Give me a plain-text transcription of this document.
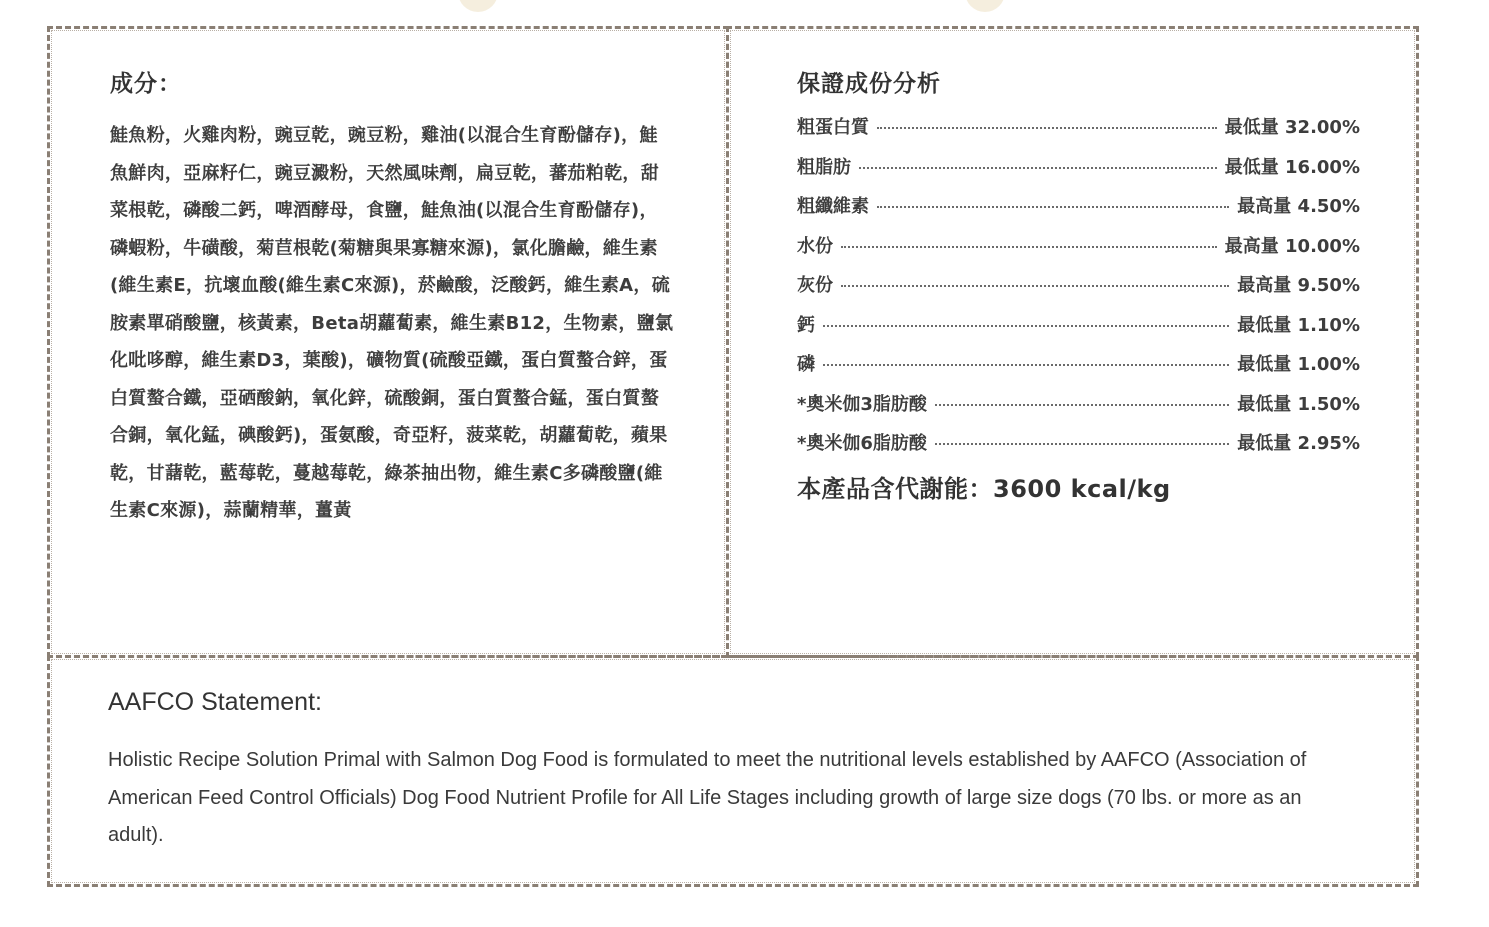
成分：
鮭魚粉，火雞肉粉，豌豆乾，豌豆粉，雞油(以混合生育酚儲存)，鮭魚鮮肉，亞麻籽仁，豌豆澱粉，天然風味劑，扁豆乾，蕃茄粕乾，甜菜根乾，磷酸二鈣，啤酒酵母，食鹽，鮭魚油(以混合生育酚儲存)，磷蝦粉，牛磺酸，菊苣根乾(菊糖與果寡糖來源)，氯化膽鹼，維生素(維生素E，抗壞血酸(維生素C來源)，菸鹼酸，泛酸鈣，維生素A，硫胺素單硝酸鹽，核黃素，Beta胡蘿蔔素，維生素B12，生物素，鹽氯化吡哆醇，維生素D3，葉酸)，礦物質(硫酸亞鐵，蛋白質螯合鋅，蛋白質螯合鐵，亞硒酸鈉，氧化鋅，硫酸銅，蛋白質螯合錳，蛋白質螯合銅，氧化錳，碘酸鈣)，蛋氨酸，奇亞籽，菠菜乾，胡蘿蔔乾，蘋果乾，甘藷乾，藍莓乾，蔓越莓乾，綠茶抽出物，維生素C多磷酸鹽(維生素C來源)，蒜蘭精華，薑黃
保證成份分析
粗蛋白質	最低量 32.00%
粗脂肪	最低量 16.00%
粗纖維素	最高量 4.50%
水份	最高量 10.00%
灰份	最高量 9.50%
鈣	最低量 1.10%
磷	最低量 1.00%
*奧米伽3脂肪酸	最低量 1.50%
*奧米伽6脂肪酸	最低量 2.95%
本產品含代謝能：3600 kcal/kg
AAFCO Statement:
Holistic Recipe Solution Primal with Salmon Dog Food is formulated to meet the nutritional levels established by AAFCO (Association of American Feed Control Officials) Dog Food Nutrient Profile for All Life Stages including growth of large size dogs (70 lbs. or more as an adult).
